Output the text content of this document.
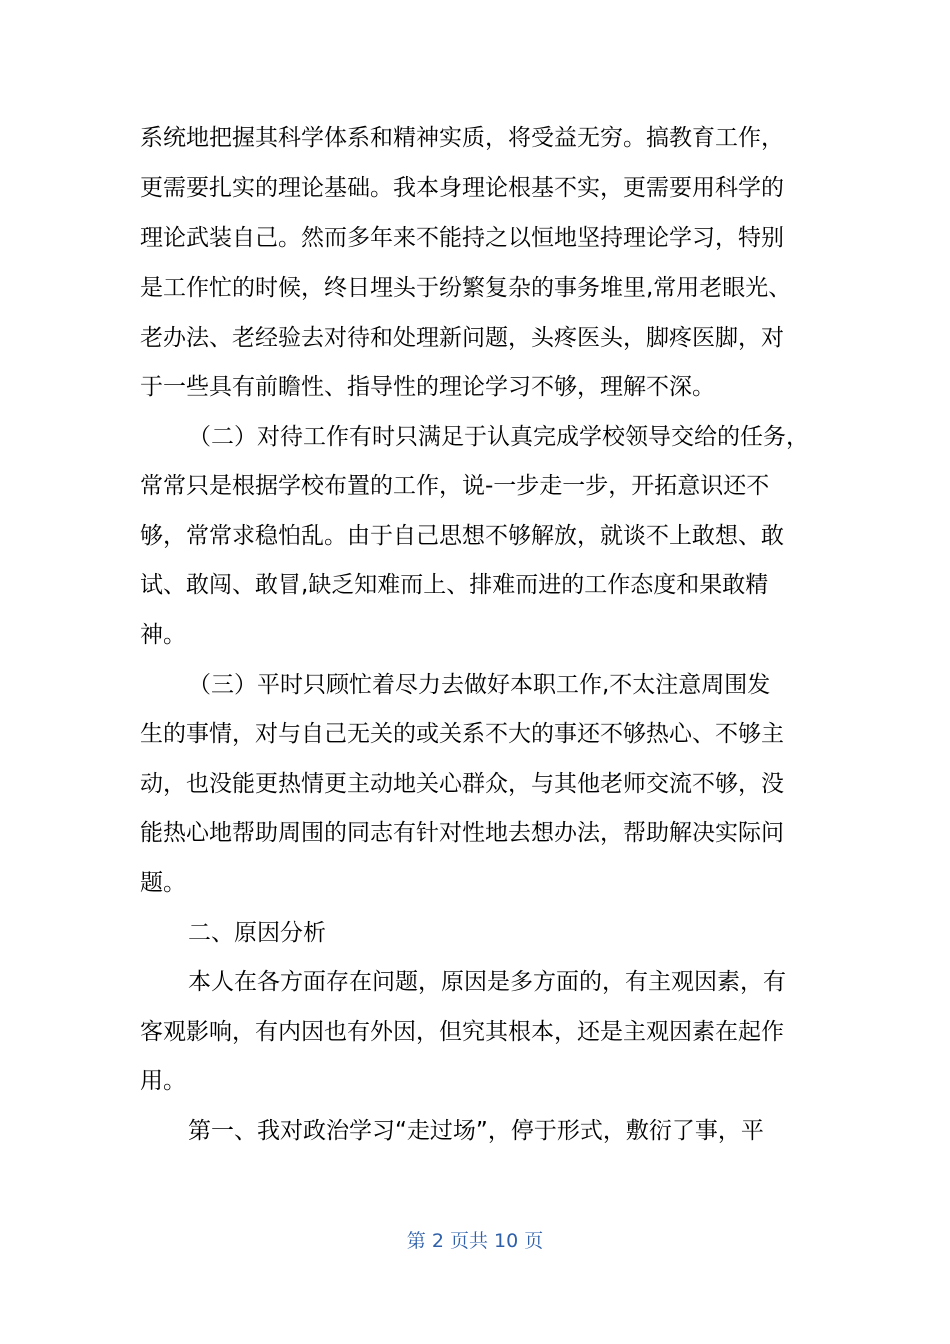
系统地把握其科学体系和精神实质，将受益无穷。搞教育工作，
更需要扎实的理论基础。我本身理论根基不实，更需要用科学的
理论武装自己。然而多年来不能持之以恒地坚持理论学习，特别
是工作忙的时候，终日埋头于纷繁复杂的事务堆里,常用老眼光、
老办法、老经验去对待和处理新问题，头疼医头，脚疼医脚，对
于一些具有前瞻性、指导性的理论学习不够，理解不深。
（二）对待工作有时只满足于认真完成学校领导交给的任务，
常常只是根据学校布置的工作，说-一步走一步，开拓意识还不
够，常常求稳怕乱。由于自己思想不够解放，就谈不上敢想、敢
试、敢闯、敢冒,缺乏知难而上、排难而进的工作态度和果敢精
神。
（三）平时只顾忙着尽力去做好本职工作,不太注意周围发
生的事情，对与自己无关的或关系不大的事还不够热心、不够主
动，也没能更热情更主动地关心群众，与其他老师交流不够，没
能热心地帮助周围的同志有针对性地去想办法，帮助解决实际问
题。
二、原因分析
本人在各方面存在问题，原因是多方面的，有主观因素，有
客观影响，有内因也有外因，但究其根本，还是主观因素在起作
用。
第一、我对政治学习“走过场”，停于形式，敷衍了事，平
第 2 页共 10 页
